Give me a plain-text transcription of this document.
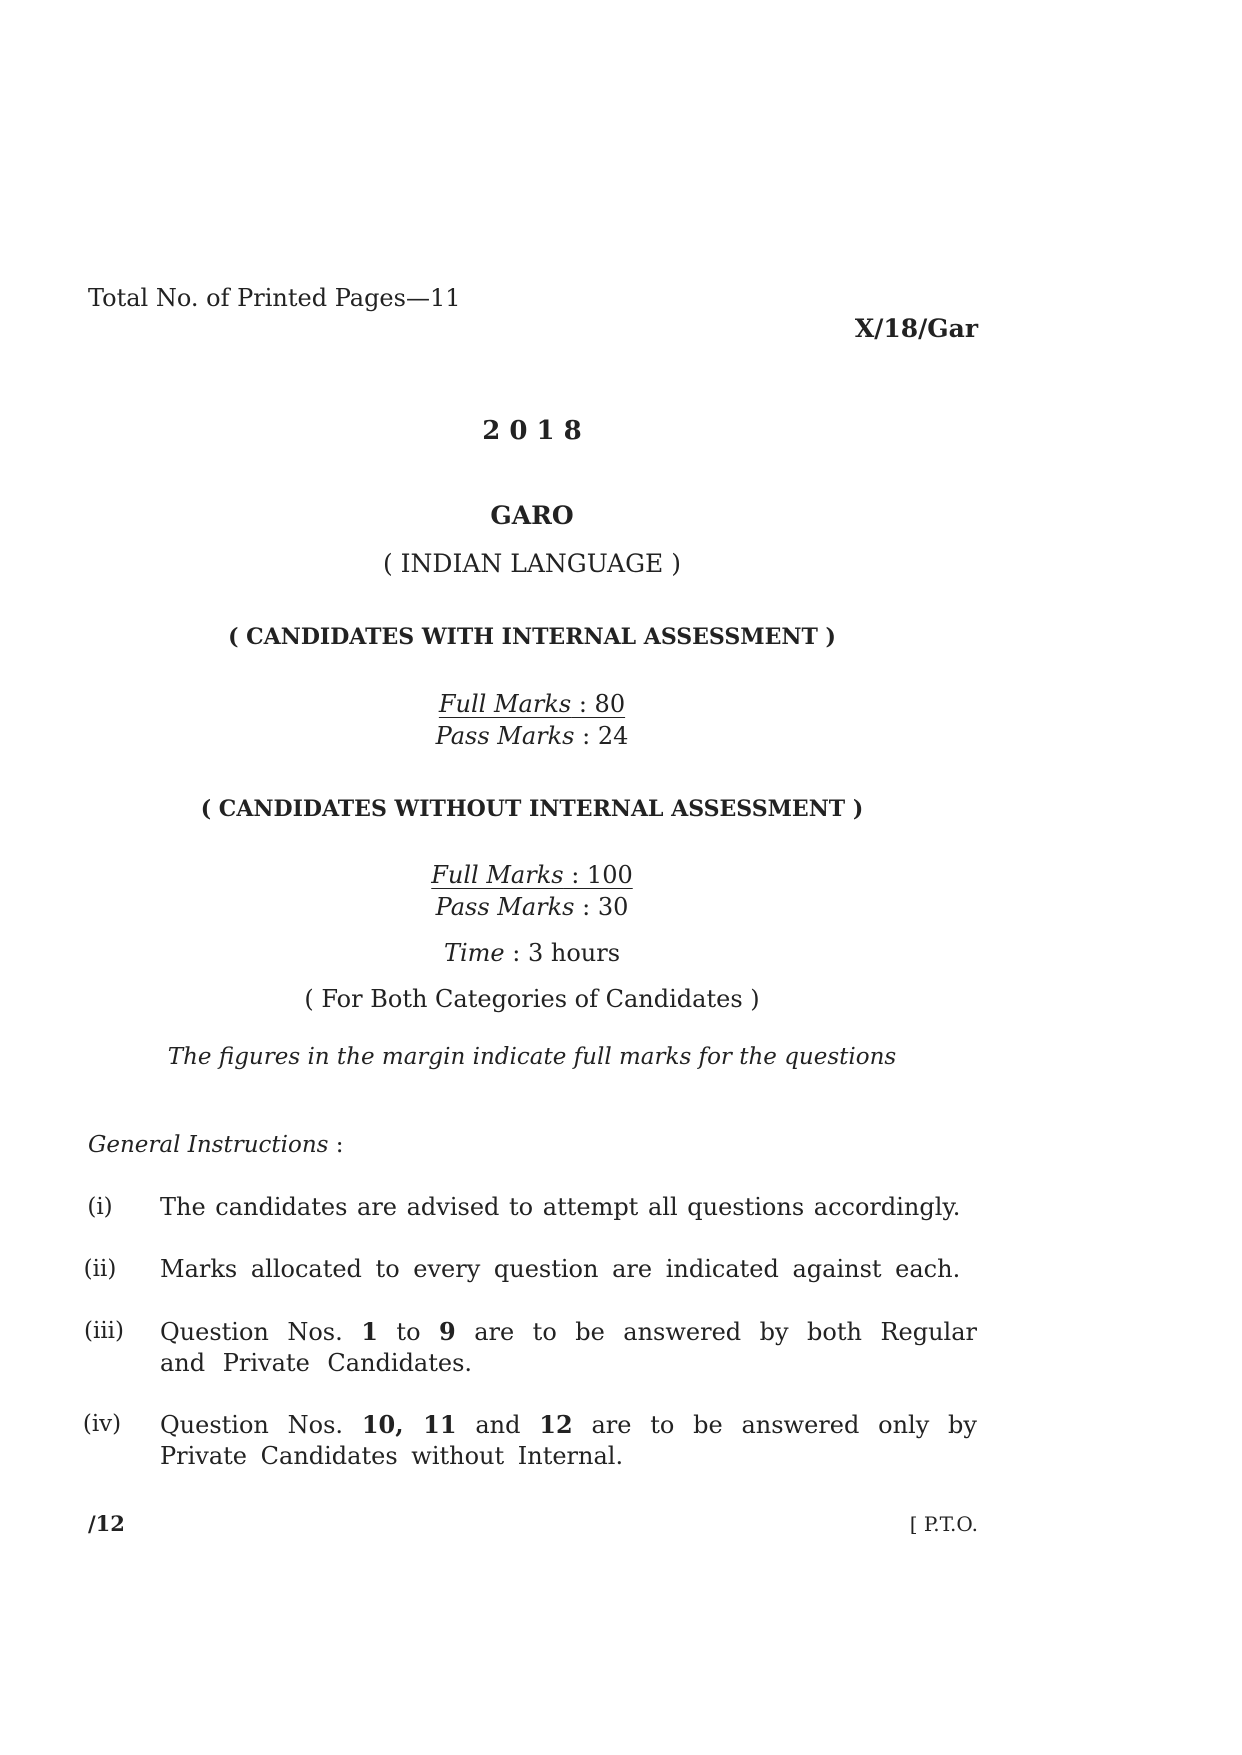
Total No. of Printed Pages—11
X/18/Gar
2 0 1 8
GARO
( INDIAN LANGUAGE )
( CANDIDATES WITH INTERNAL ASSESSMENT )
Full Marks : 80
Pass Marks : 24
( CANDIDATES WITHOUT INTERNAL ASSESSMENT )
Full Marks : 100
Pass Marks : 30
Time : 3 hours
( For Both Categories of Candidates )
The figures in the margin indicate full marks for the questions
General Instructions :
(i)	The candidates are advised to attempt all questions accordingly.
(ii)	Marks allocated to every question are indicated against each.
(iii)	Question Nos. 1 to 9 are to be answered by both Regular and Private Candidates.
(iv)	Question Nos. 10, 11 and 12 are to be answered only by Private Candidates without Internal.
/12	[ P.T.O.
